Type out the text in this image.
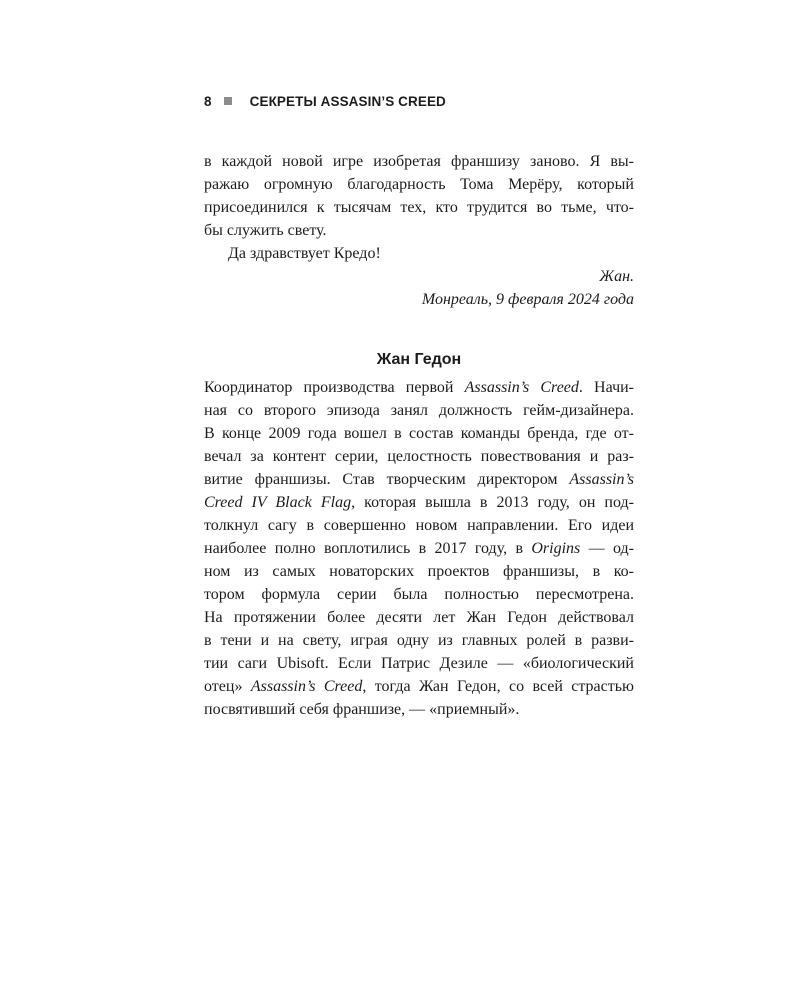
8	СЕКРЕТЫ ASSASIN’S CREED
в каждой новой игре изобретая франшизу заново. Я вы-
ражаю огромную благодарность Тома Мерёру, который
присоединился к тысячам тех, кто трудится во тьме, что-
бы служить свету.
Да здравствует Кредо!
Жан.
Монреаль, 9 февраля 2024 года
Жан Гедон
Координатор производства первой Assassin’s Creed. Начи-
ная со второго эпизода занял должность гейм-дизайнера.
В конце 2009 года вошел в состав команды бренда, где от-
вечал за контент серии, целостность повествования и раз-
витие франшизы. Став творческим директором Assassin’s
Creed IV Black Flag, которая вышла в 2013 году, он под-
толкнул сагу в совершенно новом направлении. Его идеи
наиболее полно воплотились в 2017 году, в Origins — од-
ном из самых новаторских проектов франшизы, в ко-
тором формула серии была полностью пересмотрена.
На протяжении более десяти лет Жан Гедон действовал
в тени и на свету, играя одну из главных ролей в разви-
тии саги Ubisoft. Если Патрис Дезиле — «биологический
отец» Assassin’s Creed, тогда Жан Гедон, со всей страстью
посвятивший себя франшизе, — «приемный».
